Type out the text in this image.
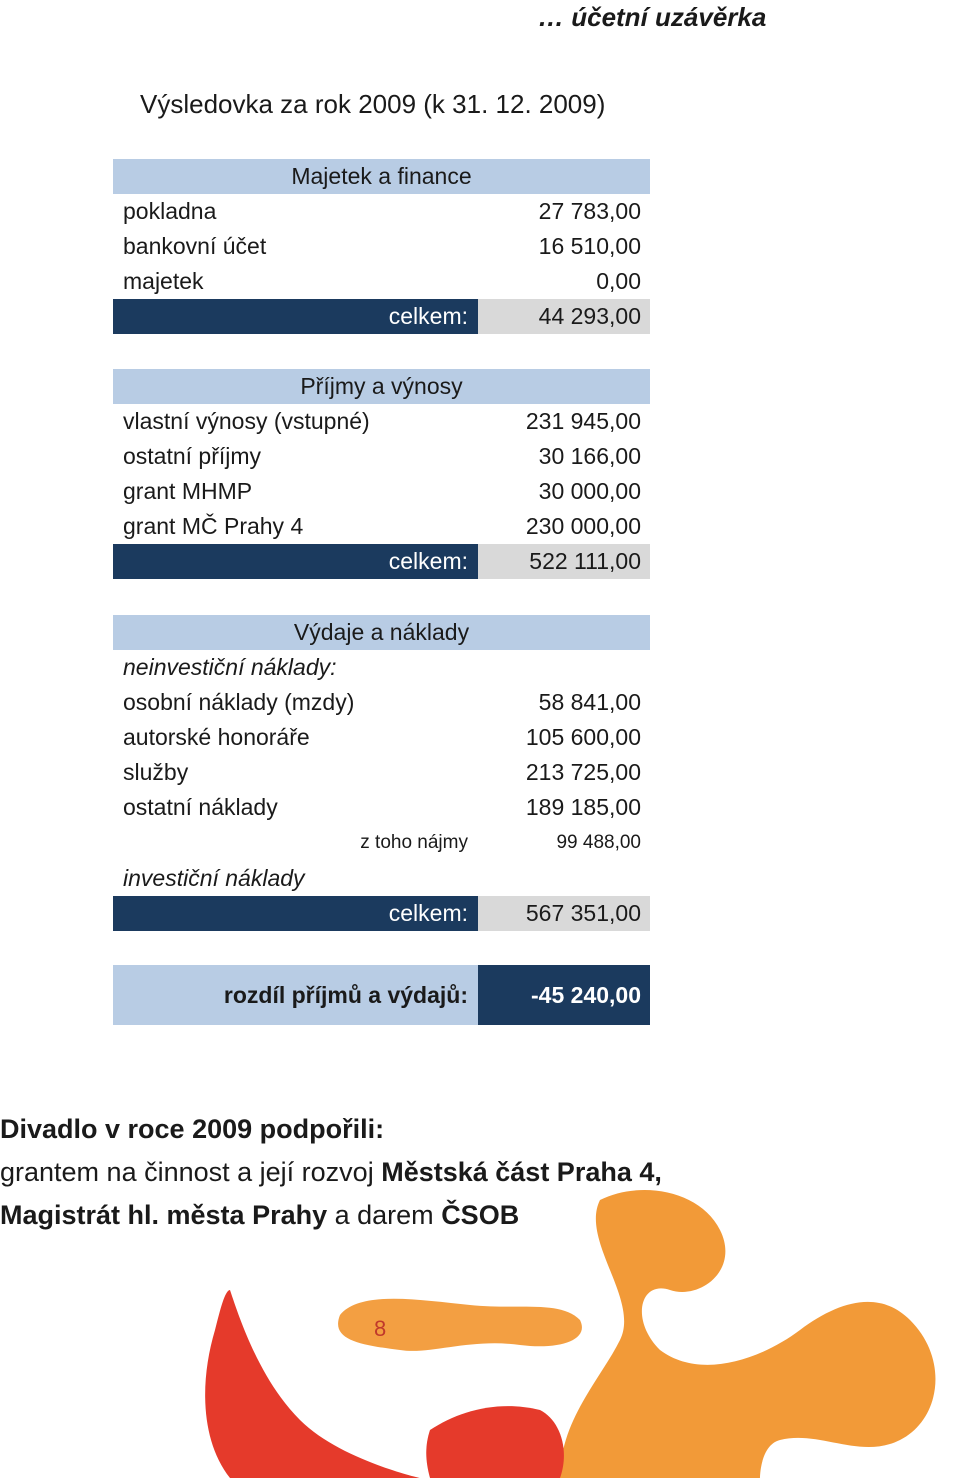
… účetní uzávěrka
Výsledovka za rok 2009 (k 31. 12. 2009)
Majetek a finance
pokladna	27 783,00
bankovní účet	16 510,00
majetek	0,00
celkem:	44 293,00
Příjmy a výnosy
vlastní výnosy (vstupné)	231 945,00
ostatní příjmy	30 166,00
grant MHMP	30 000,00
grant MČ Prahy 4	230 000,00
celkem:	522 111,00
Výdaje a náklady
neinvestiční náklady:
osobní náklady (mzdy)	58 841,00
autorské honoráře	105 600,00
služby	213 725,00
ostatní náklady	189 185,00
z toho nájmy	99 488,00
investiční náklady
celkem:	567 351,00
rozdíl příjmů a výdajů:	-45 240,00
8
Divadlo v roce 2009 podpořili:
grantem na činnost a její rozvoj Městská část Praha 4,
Magistrát hl. města Prahy a darem ČSOB
